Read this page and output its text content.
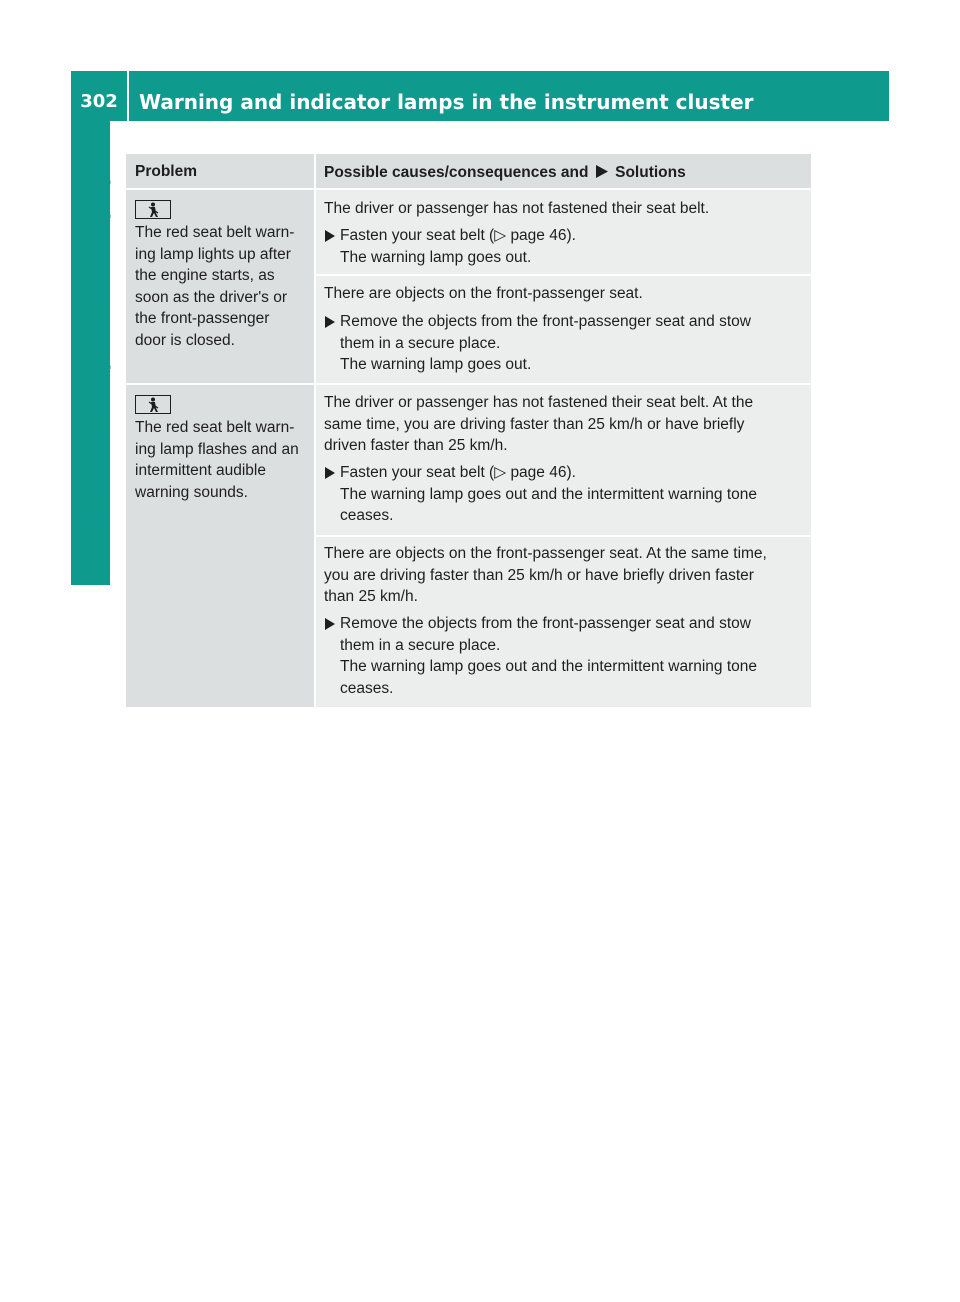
302	Warning and indicator lamps in the instrument cluster
On-board computer and displays Problem	Possible causes/consequences and Solutions
The red seat belt warn-
ing lamp lights up after
the engine starts, as
soon as the driver's or
the front-passenger
door is closed.
The driver or passenger has not fastened their seat belt.
Fasten your seat belt (▷ page 46).
The warning lamp goes out.
There are objects on the front-passenger seat.
Remove the objects from the front-passenger seat and stow
them in a secure place.
The warning lamp goes out.
The red seat belt warn-
ing lamp flashes and an
intermittent audible
warning sounds.
The driver or passenger has not fastened their seat belt. At the
same time, you are driving faster than 25 km/h or have briefly
driven faster than 25 km/h.
Fasten your seat belt (▷ page 46).
The warning lamp goes out and the intermittent warning tone
ceases.
There are objects on the front-passenger seat. At the same time,
you are driving faster than 25 km/h or have briefly driven faster
than 25 km/h.
Remove the objects from the front-passenger seat and stow
them in a secure place.
The warning lamp goes out and the intermittent warning tone
ceases.
